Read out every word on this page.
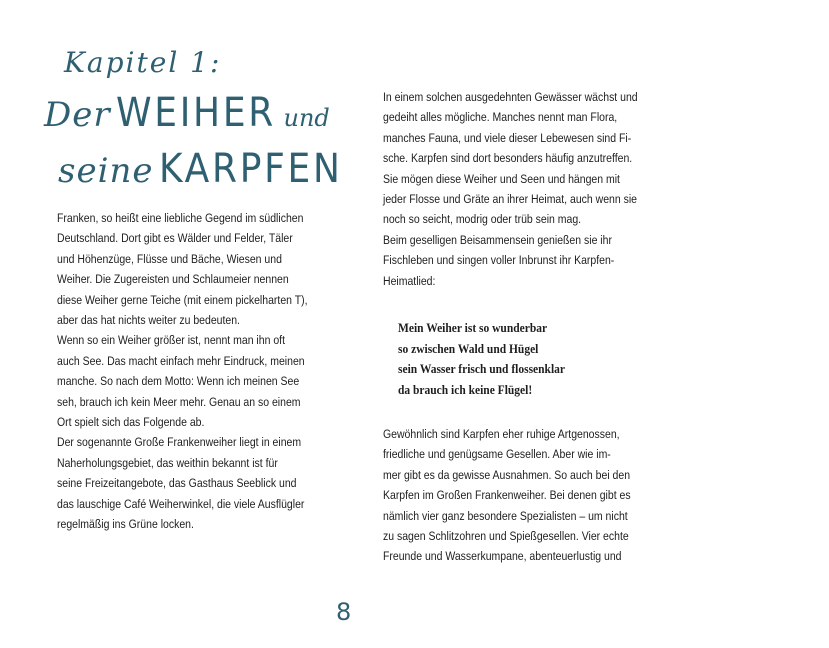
Kapitel 1:
Der WEIHER und
seine KARPFEN

Franken, so heißt eine liebliche Gegend im südlichen

Deutschland. Dort gibt es Wälder und Felder, Täler

und Höhenzüge, Flüsse und Bäche, Wiesen und

Weiher. Die Zugereisten und Schlaumeier nennen

diese Weiher gerne Teiche (mit einem pickelharten T),

aber das hat nichts weiter zu bedeuten.

Wenn so ein Weiher größer ist, nennt man ihn oft

auch See. Das macht einfach mehr Eindruck, meinen

manche. So nach dem Motto: Wenn ich meinen See

seh, brauch ich kein Meer mehr. Genau an so einem

Ort spielt sich das Folgende ab.

Der sogenannte Große Frankenweiher liegt in einem

Naherholungsgebiet, das weithin bekannt ist für

seine Freizeitangebote, das Gasthaus Seeblick und

das lauschige Café Weiherwinkel, die viele Ausflügler

regelmäßig ins Grüne locken.

In einem solchen ausgedehnten Gewässer wächst und

gedeiht alles mögliche. Manches nennt man Flora,

manches Fauna, und viele dieser Lebewesen sind Fi-

sche. Karpfen sind dort besonders häufig anzutreffen.

Sie mögen diese Weiher und Seen und hängen mit

jeder Flosse und Gräte an ihrer Heimat, auch wenn sie

noch so seicht, modrig oder trüb sein mag.

Beim geselligen Beisammensein genießen sie ihr

Fischleben und singen voller Inbrunst ihr Karpfen-

Heimatlied:

Mein Weiher ist so wunderbar

so zwischen Wald und Hügel

sein Wasser frisch und flossenklar

da brauch ich keine Flügel!

Gewöhnlich sind Karpfen eher ruhige Artgenossen,

friedliche und genügsame Gesellen. Aber wie im-

mer gibt es da gewisse Ausnahmen. So auch bei den

Karpfen im Großen Frankenweiher. Bei denen gibt es

nämlich vier ganz besondere Spezialisten – um nicht

zu sagen Schlitzohren und Spießgesellen. Vier echte

Freunde und Wasserkumpane, abenteuerlustig und

8
